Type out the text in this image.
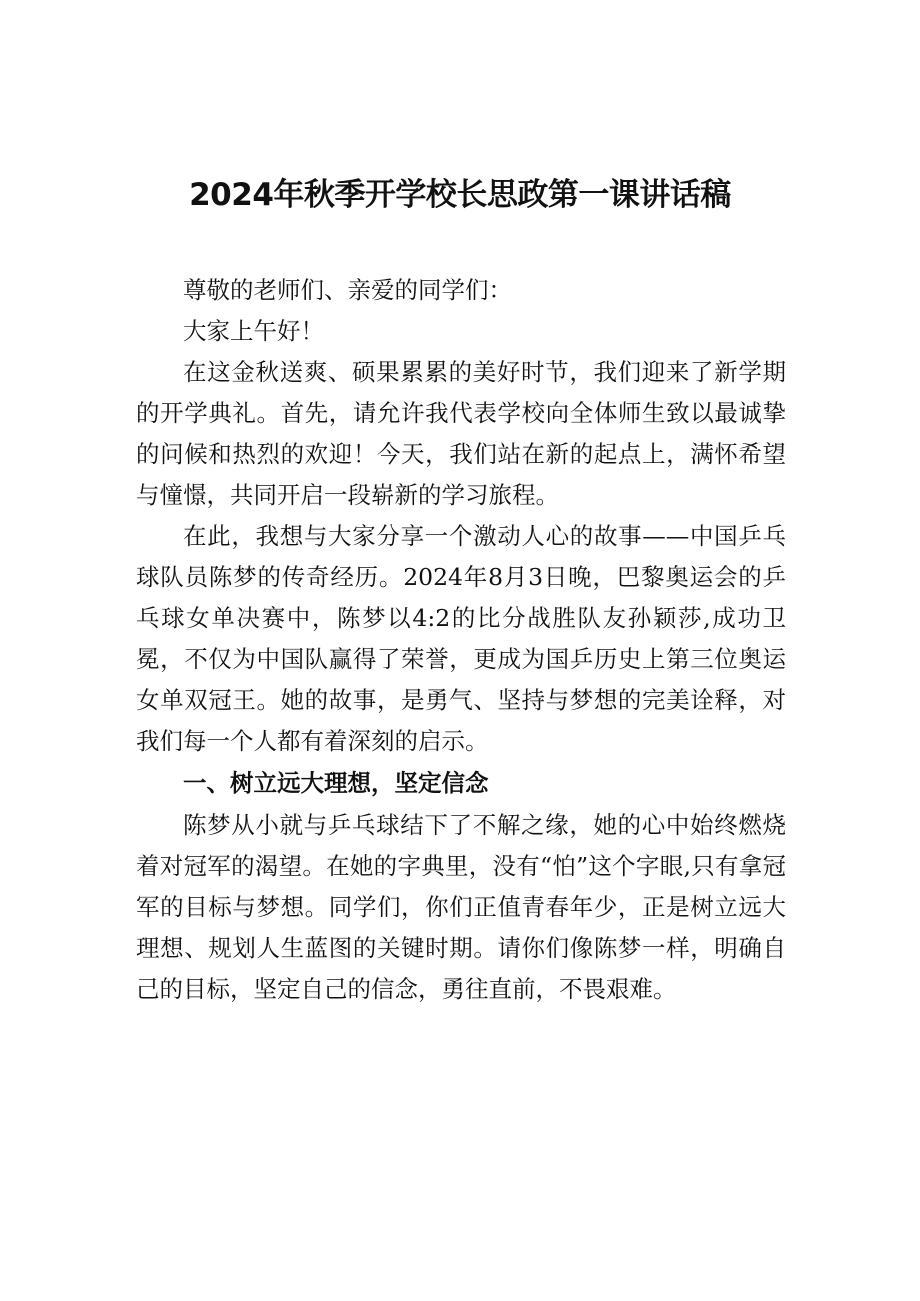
2024年秋季开学校长思政第一课讲话稿

尊敬的老师们、亲爱的同学们：

大家上午好！

在这金秋送爽、硕果累累的美好时节，我们迎来了新学期的开学典礼。首先，请允许我代表学校向全体师生致以最诚挚的问候和热烈的欢迎！今天，我们站在新的起点上，满怀希望与憧憬，共同开启一段崭新的学习旅程。

在此，我想与大家分享一个激动人心的故事——中国乒乓球队员陈梦的传奇经历。2024年8月3日晚，巴黎奥运会的乒乓球女单决赛中，陈梦以4:2的比分战胜队友孙颖莎,成功卫冕，不仅为中国队赢得了荣誉，更成为国乒历史上第三位奥运女单双冠王。她的故事，是勇气、坚持与梦想的完美诠释，对我们每一个人都有着深刻的启示。

一、树立远大理想，坚定信念

陈梦从小就与乒乓球结下了不解之缘，她的心中始终燃烧着对冠军的渴望。在她的字典里，没有“怕”这个字眼,只有拿冠军的目标与梦想。同学们，你们正值青春年少，正是树立远大理想、规划人生蓝图的关键时期。请你们像陈梦一样，明确自己的目标，坚定自己的信念，勇往直前，不畏艰难。
